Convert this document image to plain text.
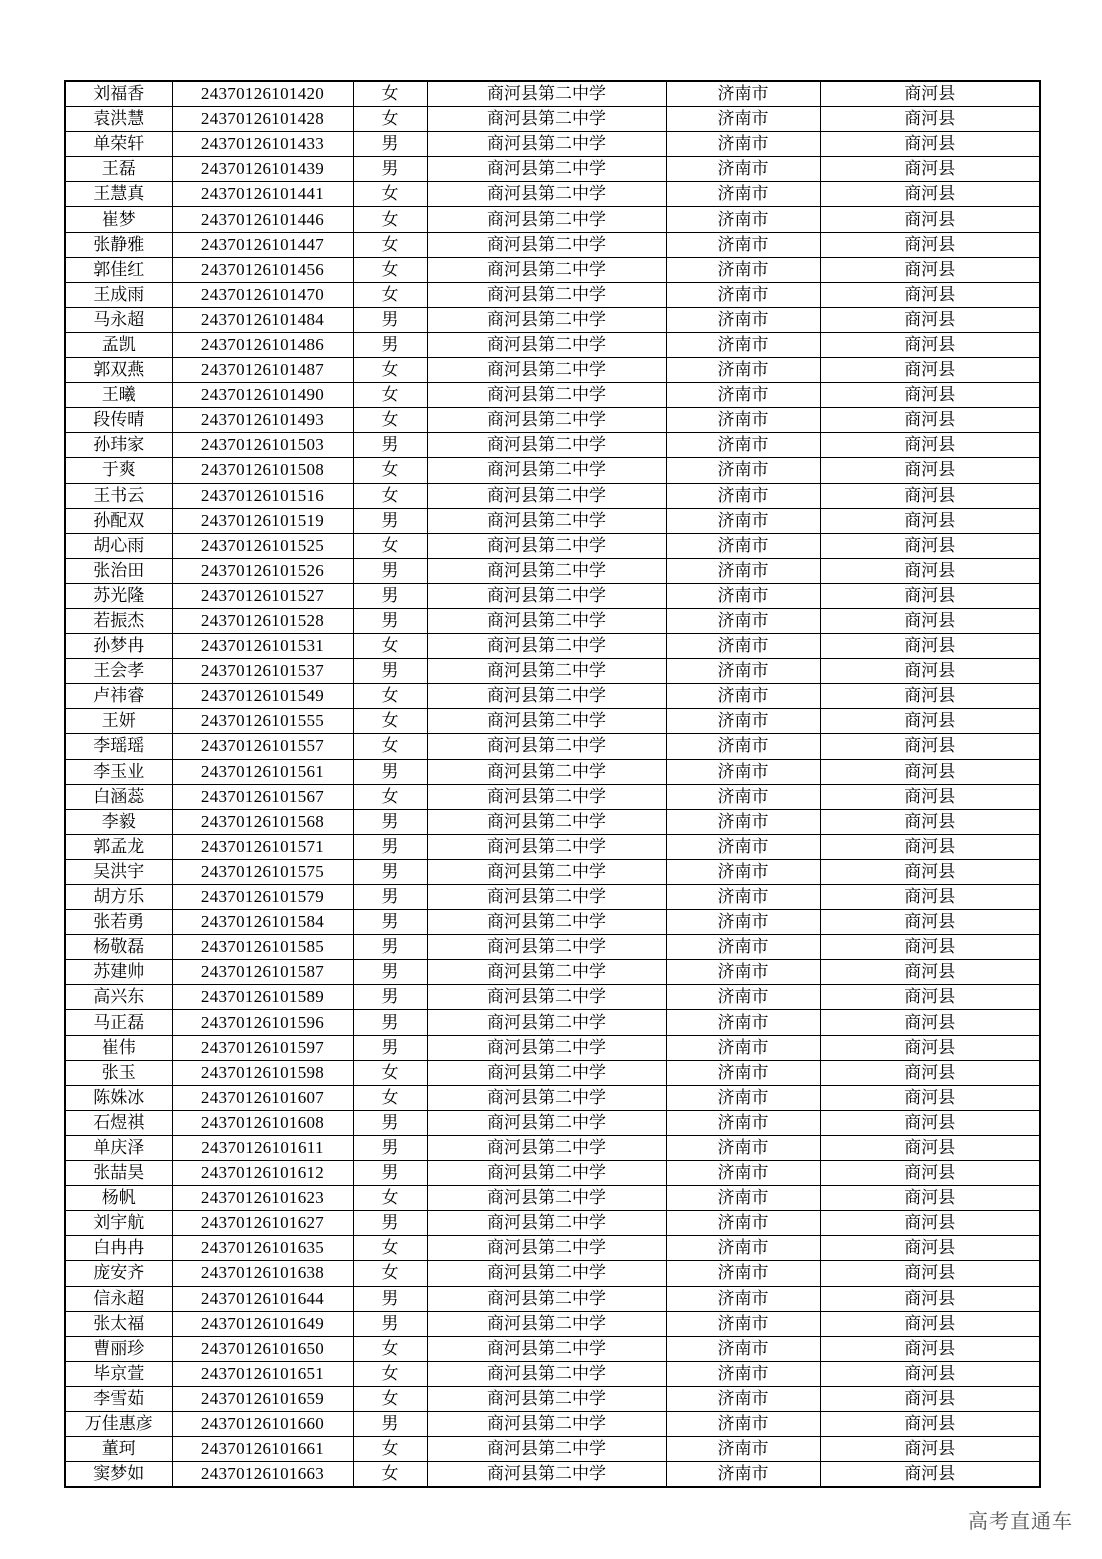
刘福香	24370126101420	女	商河县第二中学	济南市	商河县
袁洪慧	24370126101428	女	商河县第二中学	济南市	商河县
单荣轩	24370126101433	男	商河县第二中学	济南市	商河县
王磊	24370126101439	男	商河县第二中学	济南市	商河县
王慧真	24370126101441	女	商河县第二中学	济南市	商河县
崔梦	24370126101446	女	商河县第二中学	济南市	商河县
张静雅	24370126101447	女	商河县第二中学	济南市	商河县
郭佳红	24370126101456	女	商河县第二中学	济南市	商河县
王成雨	24370126101470	女	商河县第二中学	济南市	商河县
马永超	24370126101484	男	商河县第二中学	济南市	商河县
孟凯	24370126101486	男	商河县第二中学	济南市	商河县
郭双燕	24370126101487	女	商河县第二中学	济南市	商河县
王曦	24370126101490	女	商河县第二中学	济南市	商河县
段传晴	24370126101493	女	商河县第二中学	济南市	商河县
孙玮家	24370126101503	男	商河县第二中学	济南市	商河县
于爽	24370126101508	女	商河县第二中学	济南市	商河县
王书云	24370126101516	女	商河县第二中学	济南市	商河县
孙配双	24370126101519	男	商河县第二中学	济南市	商河县
胡心雨	24370126101525	女	商河县第二中学	济南市	商河县
张治田	24370126101526	男	商河县第二中学	济南市	商河县
苏光隆	24370126101527	男	商河县第二中学	济南市	商河县
若振杰	24370126101528	男	商河县第二中学	济南市	商河县
孙梦冉	24370126101531	女	商河县第二中学	济南市	商河县
王会孝	24370126101537	男	商河县第二中学	济南市	商河县
卢祎睿	24370126101549	女	商河县第二中学	济南市	商河县
王妍	24370126101555	女	商河县第二中学	济南市	商河县
李瑶瑶	24370126101557	女	商河县第二中学	济南市	商河县
李玉业	24370126101561	男	商河县第二中学	济南市	商河县
白涵蕊	24370126101567	女	商河县第二中学	济南市	商河县
李毅	24370126101568	男	商河县第二中学	济南市	商河县
郭孟龙	24370126101571	男	商河县第二中学	济南市	商河县
吴洪宇	24370126101575	男	商河县第二中学	济南市	商河县
胡方乐	24370126101579	男	商河县第二中学	济南市	商河县
张若勇	24370126101584	男	商河县第二中学	济南市	商河县
杨敬磊	24370126101585	男	商河县第二中学	济南市	商河县
苏建帅	24370126101587	男	商河县第二中学	济南市	商河县
高兴东	24370126101589	男	商河县第二中学	济南市	商河县
马正磊	24370126101596	男	商河县第二中学	济南市	商河县
崔伟	24370126101597	男	商河县第二中学	济南市	商河县
张玉	24370126101598	女	商河县第二中学	济南市	商河县
陈姝冰	24370126101607	女	商河县第二中学	济南市	商河县
石煜祺	24370126101608	男	商河县第二中学	济南市	商河县
单庆泽	24370126101611	男	商河县第二中学	济南市	商河县
张喆昊	24370126101612	男	商河县第二中学	济南市	商河县
杨帆	24370126101623	女	商河县第二中学	济南市	商河县
刘宇航	24370126101627	男	商河县第二中学	济南市	商河县
白冉冉	24370126101635	女	商河县第二中学	济南市	商河县
庞安齐	24370126101638	女	商河县第二中学	济南市	商河县
信永超	24370126101644	男	商河县第二中学	济南市	商河县
张太福	24370126101649	男	商河县第二中学	济南市	商河县
曹丽珍	24370126101650	女	商河县第二中学	济南市	商河县
毕京萱	24370126101651	女	商河县第二中学	济南市	商河县
李雪茹	24370126101659	女	商河县第二中学	济南市	商河县
万佳惠彦	24370126101660	男	商河县第二中学	济南市	商河县
董珂	24370126101661	女	商河县第二中学	济南市	商河县
窦梦如	24370126101663	女	商河县第二中学	济南市	商河县
高考直通车
